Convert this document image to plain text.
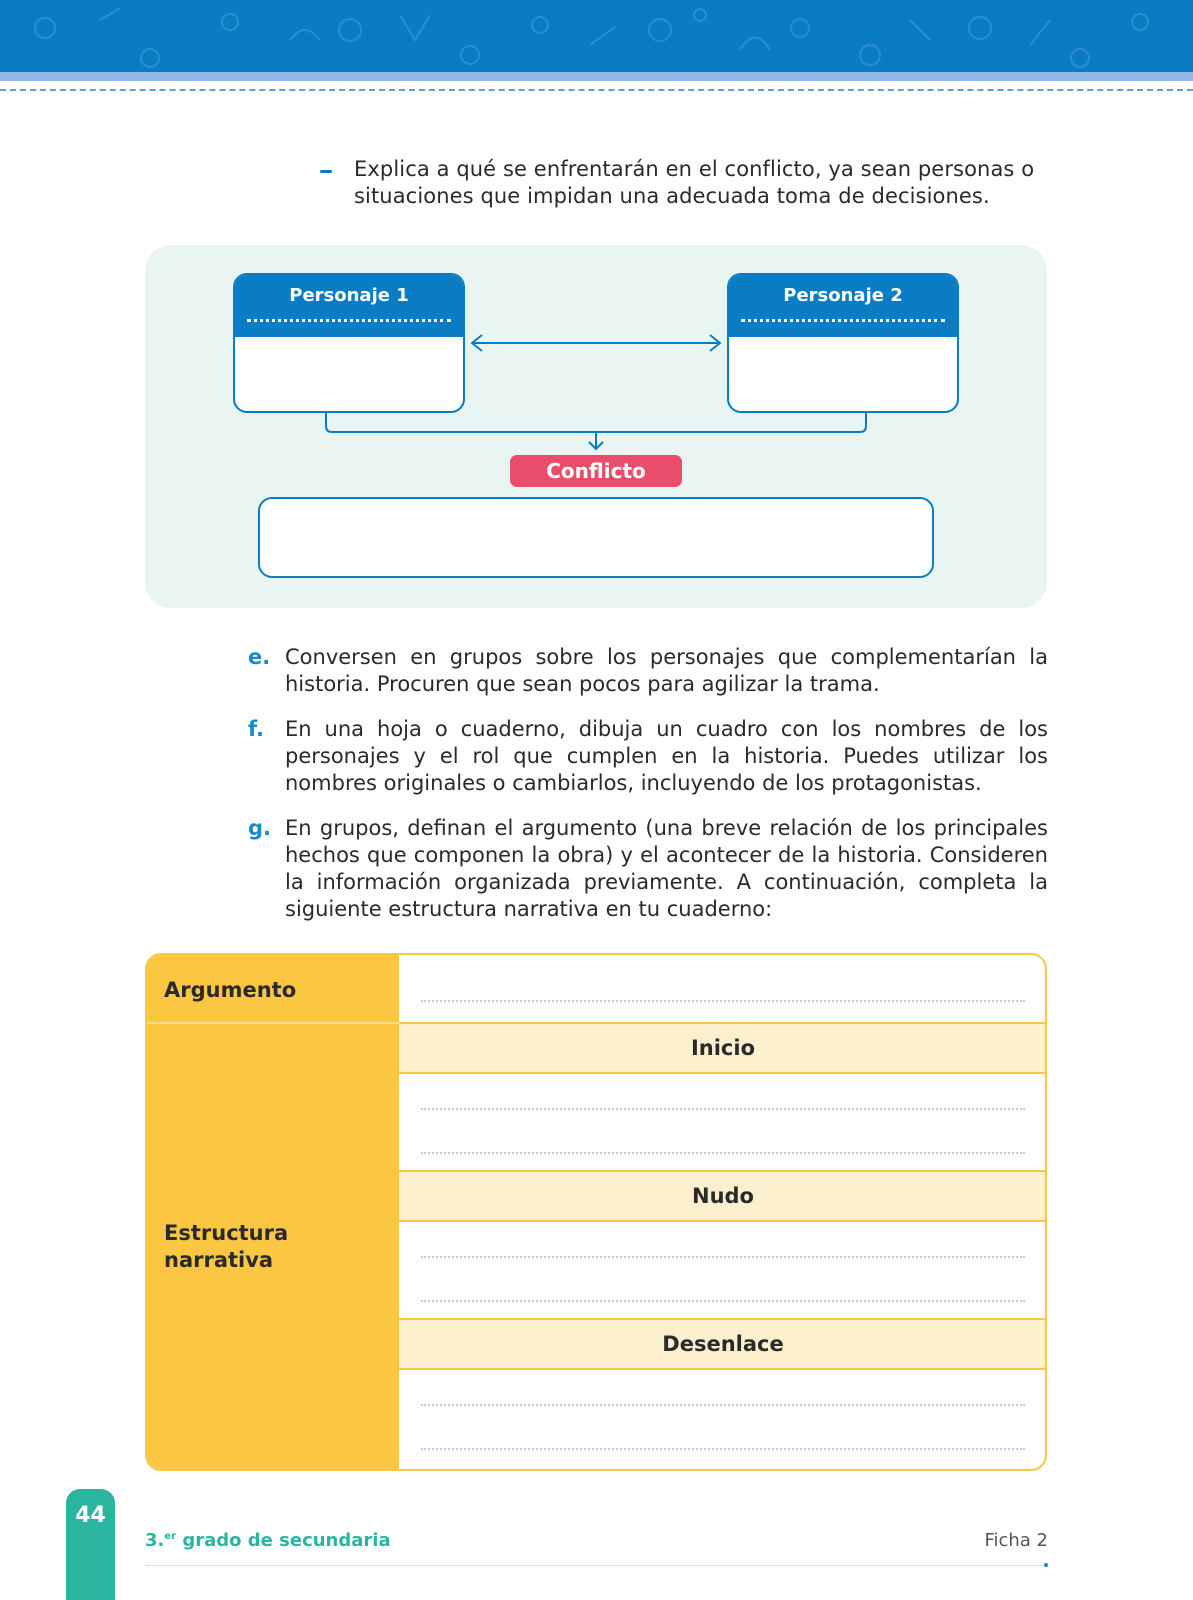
Explica a qué se enfrentarán en el conflicto, ya sean personas o situaciones que impidan una adecuada toma de decisiones.

Personaje 1	Personaje 2
Conflicto
e. Conversen en grupos sobre los personajes que complementarían la historia. Procuren que sean pocos para agilizar la trama.

f. En una hoja o cuaderno, dibuja un cuadro con los nombres de los personajes y el rol que cumplen en la historia. Puedes utilizar los nombres originales o cambiarlos, incluyendo de los protagonistas.

g. En grupos, definan el argumento (una breve relación de los principales hechos que componen la obra) y el acontecer de la historia. Consideren la información organizada previamente. A continuación, completa la siguiente estructura narrativa en tu cuaderno:

Argumento
Estructura narrativa
Inicio
Nudo
Desenlace
44
3.$^{er}$ grado de secundaria	Ficha 2
